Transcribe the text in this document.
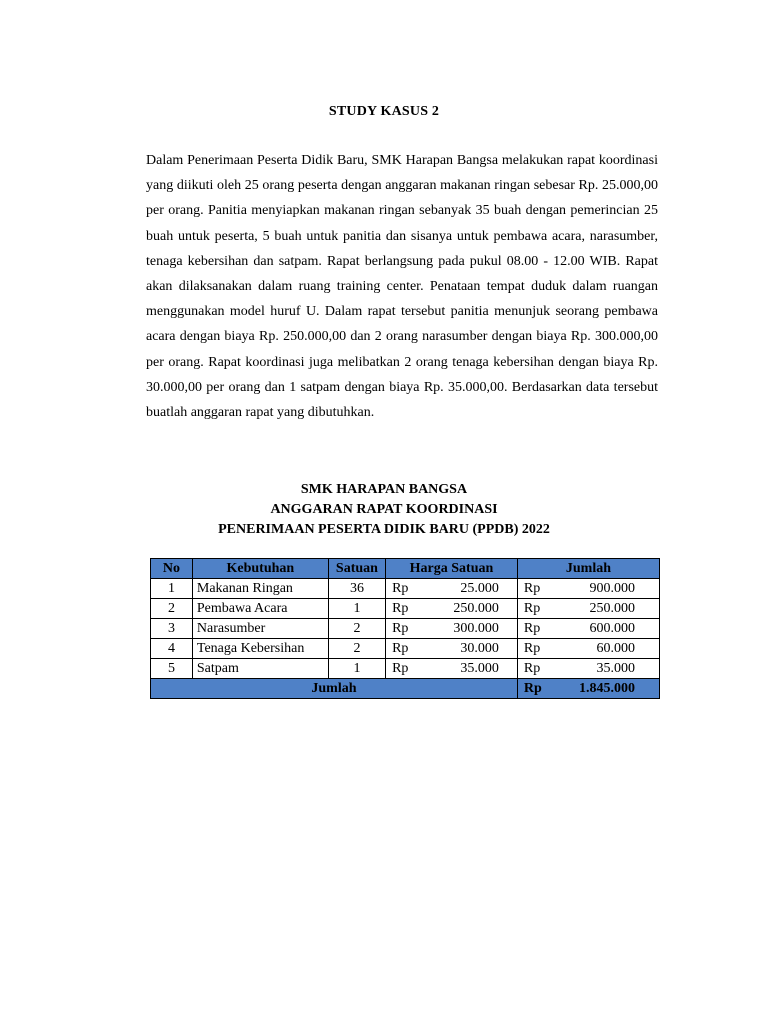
STUDY KASUS 2

Dalam Penerimaan Peserta Didik Baru, SMK Harapan Bangsa melakukan rapat koordinasi yang diikuti oleh 25 orang peserta dengan anggaran makanan ringan sebesar Rp. 25.000,00 per orang. Panitia menyiapkan makanan ringan sebanyak 35 buah dengan pemerincian 25 buah untuk peserta, 5 buah untuk panitia dan sisanya untuk pembawa acara, narasumber, tenaga kebersihan dan satpam. Rapat berlangsung pada pukul 08.00 - 12.00 WIB. Rapat akan dilaksanakan dalam ruang training center. Penataan tempat duduk dalam ruangan menggunakan model huruf U. Dalam rapat tersebut panitia menunjuk seorang pembawa acara dengan biaya Rp. 250.000,00 dan 2 orang narasumber dengan biaya Rp. 300.000,00 per orang. Rapat koordinasi juga melibatkan 2 orang tenaga kebersihan dengan biaya Rp. 30.000,00 per orang dan 1 satpam dengan biaya Rp. 35.000,00. Berdasarkan data tersebut buatlah anggaran rapat yang dibutuhkan.

SMK HARAPAN BANGSA
ANGGARAN RAPAT KOORDINASI
PENERIMAAN PESERTA DIDIK BARU (PPDB) 2022
No	Kebutuhan	Satuan	Harga Satuan	Jumlah
1	Makanan Ringan	36	Rp 25.000	Rp 900.000

2	Pembawa Acara	1	Rp 250.000	Rp 250.000

3	Narasumber	2	Rp 300.000	Rp 600.000

4	Tenaga Kebersihan	2	Rp 30.000	Rp 60.000

5	Satpam	1	Rp 35.000	Rp 35.000

Jumlah				Rp 1.845.000
